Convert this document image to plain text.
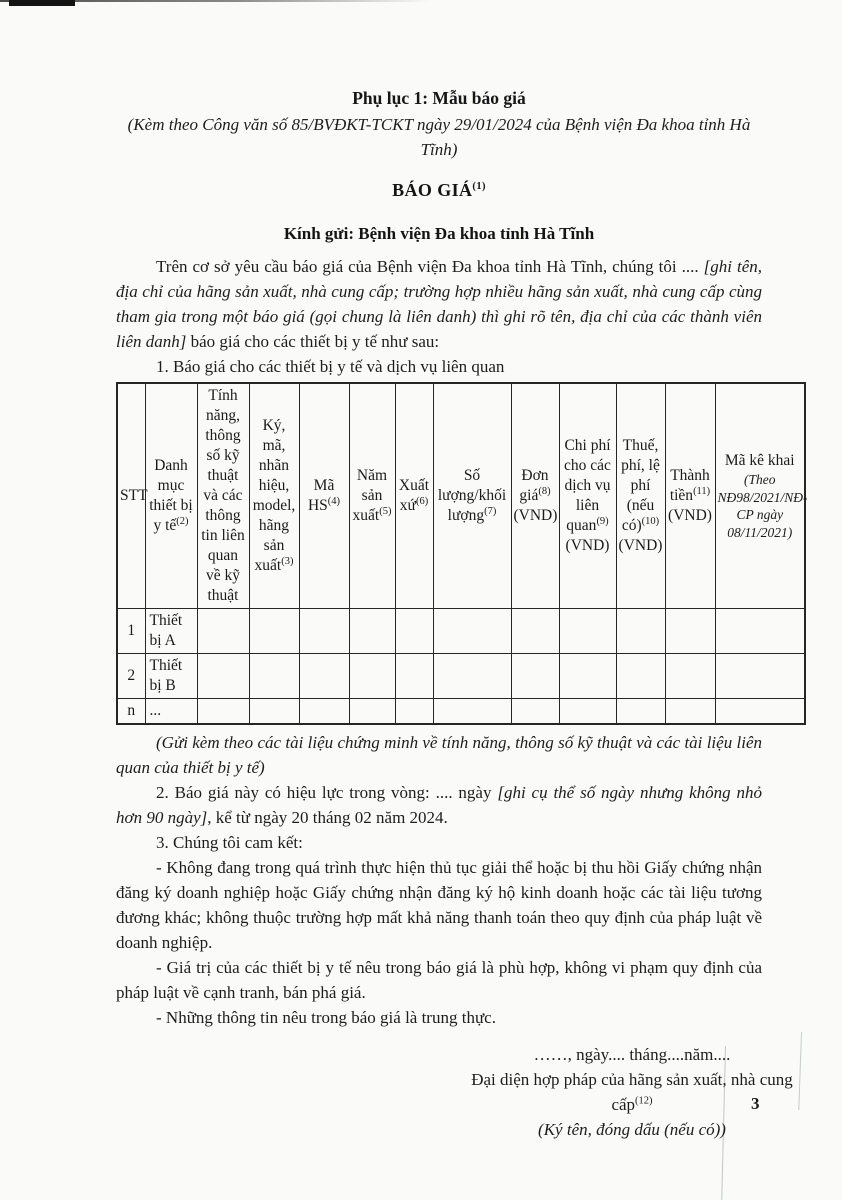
Phụ lục 1: Mẫu báo giá

(Kèm theo Công văn số 85/BVĐKT-TCKT ngày 29/01/2024 của Bệnh viện Đa khoa tỉnh Hà Tĩnh)

BÁO GIÁ$^{(1)}$
Kính gửi: Bệnh viện Đa khoa tỉnh Hà Tĩnh

Trên cơ sở yêu cầu báo giá của Bệnh viện Đa khoa tỉnh Hà Tĩnh, chúng tôi .... [ghi tên, địa chỉ của hãng sản xuất, nhà cung cấp; trường hợp nhiều hãng sản xuất, nhà cung cấp cùng tham gia trong một báo giá (gọi chung là liên danh) thì ghi rõ tên, địa chỉ của các thành viên liên danh] báo giá cho các thiết bị y tế như sau:

1. Báo giá cho các thiết bị y tế và dịch vụ liên quan

STT	Danh mục thiết bị y tế$^{(2)}$	Tính năng, thông số kỹ thuật và các thông tin liên quan về kỹ thuật	Ký, mã, nhãn hiệu, model, hãng sản xuất$^{(3)}$	Mã HS$^{(4)}$	Năm sản xuất$^{(5)}$	Xuất xứ$^{(6)}$	Số lượng/khối lượng$^{(7)}$	Đơn giá$^{(8)}$ (VND)	Chi phí cho các dịch vụ liên quan$^{(9)}$ (VND)	Thuế, phí, lệ phí (nếu có)$^{(10)}$ (VND)	Thành tiền$^{(11)}$ (VND)	Mã kê khai
(Theo NĐ98/2021/NĐ-CP ngày 08/11/2021)

1	Thiết bị A											
2	Thiết bị B											
n	...											

(Gửi kèm theo các tài liệu chứng minh về tính năng, thông số kỹ thuật và các tài liệu liên quan của thiết bị y tế)

2. Báo giá này có hiệu lực trong vòng: .... ngày [ghi cụ thể số ngày nhưng không nhỏ hơn 90 ngày], kể từ ngày 20 tháng 02 năm 2024.

3. Chúng tôi cam kết:

- Không đang trong quá trình thực hiện thủ tục giải thể hoặc bị thu hồi Giấy chứng nhận đăng ký doanh nghiệp hoặc Giấy chứng nhận đăng ký hộ kinh doanh hoặc các tài liệu tương đương khác; không thuộc trường hợp mất khả năng thanh toán theo quy định của pháp luật về doanh nghiệp.

- Giá trị của các thiết bị y tế nêu trong báo giá là phù hợp, không vi phạm quy định của pháp luật về cạnh tranh, bán phá giá.

- Những thông tin nêu trong báo giá là trung thực.

……, ngày.... tháng....năm....

Đại diện hợp pháp của hãng sản xuất, nhà cung cấp$^{(12)}$

(Ký tên, đóng dấu (nếu có))

3
